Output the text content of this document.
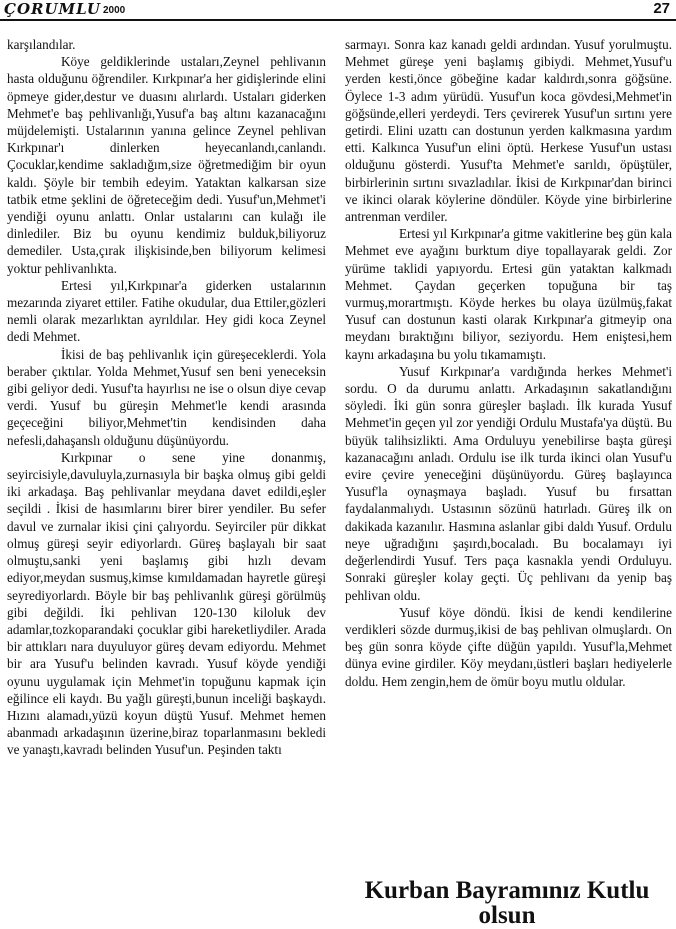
ÇORUMLU 2000	27

karşılandılar.

Köye geldiklerinde ustaları,Zeynel pehlivanın hasta olduğunu öğrendiler. Kırkpınar'a her gidişlerinde elini öpmeye gider,destur ve duasını alırlardı. Ustaları giderken Mehmet'e baş pehlivanlığı,Yusuf'a baş altını kazanacağını müjdelemişti. Ustalarının yanına gelince Zeynel pehlivan Kırkpınar'ı dinlerken heyecanlandı,canlandı. Çocuklar,kendime sakladığım,size öğretmediğim bir oyun kaldı. Şöyle bir tembih edeyim. Yataktan kalkarsan size tatbik etme şeklini de öğreteceğim dedi. Yusuf'un,Mehmet'i yendiği oyunu anlattı. Onlar ustalarını can kulağı ile dinlediler. Biz bu oyunu kendimiz bulduk,biliyoruz demediler. Usta,çırak ilişkisinde,ben biliyorum kelimesi yoktur pehlivanlıkta.

Ertesi yıl,Kırkpınar'a giderken ustalarının mezarında ziyaret ettiler. Fatihe okudular, dua Ettiler,gözleri nemli olarak mezarlıktan ayrıldılar. Hey gidi koca Zeynel dedi Mehmet.

İkisi de baş pehlivanlık için güreşeceklerdi. Yola beraber çıktılar. Yolda Mehmet,Yusuf sen beni yeneceksin gibi geliyor dedi. Yusuf'ta hayırlısı ne ise o olsun diye cevap verdi. Yusuf bu güreşin Mehmet'le kendi arasında geçeceğini biliyor,Mehmet'tin kendisinden daha nefesli,dahaşanslı olduğunu düşünüyordu.

Kırkpınar o sene yine donanmış, seyircisiyle,davuluyla,zurnasıyla bir başka olmuş gibi geldi iki arkadaşa. Baş pehlivanlar meydana davet edildi,eşler seçildi . İkisi de hasımlarını birer birer yendiler. Bu sefer davul ve zurnalar ikisi çini çalıyordu. Seyirciler pür dikkat olmuş güreşi seyir ediyorlardı. Güreş başlayalı bir saat olmuştu,sanki yeni başlamış gibi hızlı devam ediyor,meydan susmuş,kimse kımıldamadan hayretle güreşi seyrediyorlardı. Böyle bir baş pehlivanlık güreşi görülmüş gibi değildi. İki pehlivan 120-130 kiloluk dev adamlar,tozkoparandaki çocuklar gibi hareketliydiler. Arada bir attıkları nara duyuluyor güreş devam ediyordu. Mehmet bir ara Yusuf'u belinden kavradı. Yusuf köyde yendiği oyunu uygulamak için Mehmet'in topuğunu kapmak için eğilince eli kaydı. Bu yağlı güreşti,bunun inceliği başkaydı. Hızını alamadı,yüzü koyun düştü Yusuf. Mehmet hemen abanmadı arkadaşının üzerine,biraz toparlanmasını bekledi ve yanaştı,kavradı belinden Yusuf'un. Peşinden taktı

sarmayı. Sonra kaz kanadı geldi ardından. Yusuf yorulmuştu. Mehmet güreşe yeni başlamış gibiydi. Mehmet,Yusuf'u yerden kesti,önce göbeğine kadar kaldırdı,sonra göğsüne. Öylece 1-3 adım yürüdü. Yusuf'un koca gövdesi,Mehmet'in göğsünde,elleri yerdeydi. Ters çevirerek Yusuf'un sırtını yere getirdi. Elini uzattı can dostunun yerden kalkmasına yardım etti. Kalkınca Yusuf'un elini öptü. Herkese Yusuf'un ustası olduğunu gösterdi. Yusuf'ta Mehmet'e sarıldı, öpüştüler, birbirlerinin sırtını sıvazladılar. İkisi de Kırkpınar'dan birinci ve ikinci olarak köylerine döndüler. Köyde yine birbirlerine antrenman verdiler.

Ertesi yıl Kırkpınar'a gitme vakitlerine beş gün kala Mehmet eve ayağını burktum diye topallayarak geldi. Zor yürüme taklidi yapıyordu. Ertesi gün yataktan kalkmadı Mehmet. Çaydan geçerken topuğuna bir taş vurmuş,morartmıştı. Köyde herkes bu olaya üzülmüş,fakat Yusuf can dostunun kasti olarak Kırkpınar'a gitmeyip ona meydanı bıraktığını biliyor, seziyordu. Hem eniştesi,hem kaynı arkadaşına bu yolu tıkamamıştı.

Yusuf Kırkpınar'a vardığında herkes Mehmet'i sordu. O da durumu anlattı. Arkadaşının sakatlandığını söyledi. İki gün sonra güreşler başladı. İlk kurada Yusuf Mehmet'in geçen yıl zor yendiği Ordulu Mustafa'ya düştü. Bu büyük talihsizlikti. Ama Orduluyu yenebilirse başta güreşi kazanacağını anladı. Ordulu ise ilk turda ikinci olan Yusuf'u evire çevire yeneceğini düşünüyordu. Güreş başlayınca Yusuf'la oynaşmaya başladı. Yusuf bu fırsattan faydalanmalıydı. Ustasının sözünü hatırladı. Güreş ilk on dakikada kazanılır. Hasmına aslanlar gibi daldı Yusuf. Ordulu neye uğradığını şaşırdı,bocaladı. Bu bocalamayı iyi değerlendirdi Yusuf. Ters paça kasnakla yendi Orduluyu. Sonraki güreşler kolay geçti. Üç pehlivanı da yenip baş pehlivan oldu.

Yusuf köye döndü. İkisi de kendi kendilerine verdikleri sözde durmuş,ikisi de baş pehlivan olmuşlardı. On beş gün sonra köyde çifte düğün yapıldı. Yusuf'la,Mehmet dünya evine girdiler. Köy meydanı,üstleri başları hediyelerle doldu. Hem zengin,hem de ömür boyu mutlu oldular.

Kurban Bayramınız Kutlu olsun
